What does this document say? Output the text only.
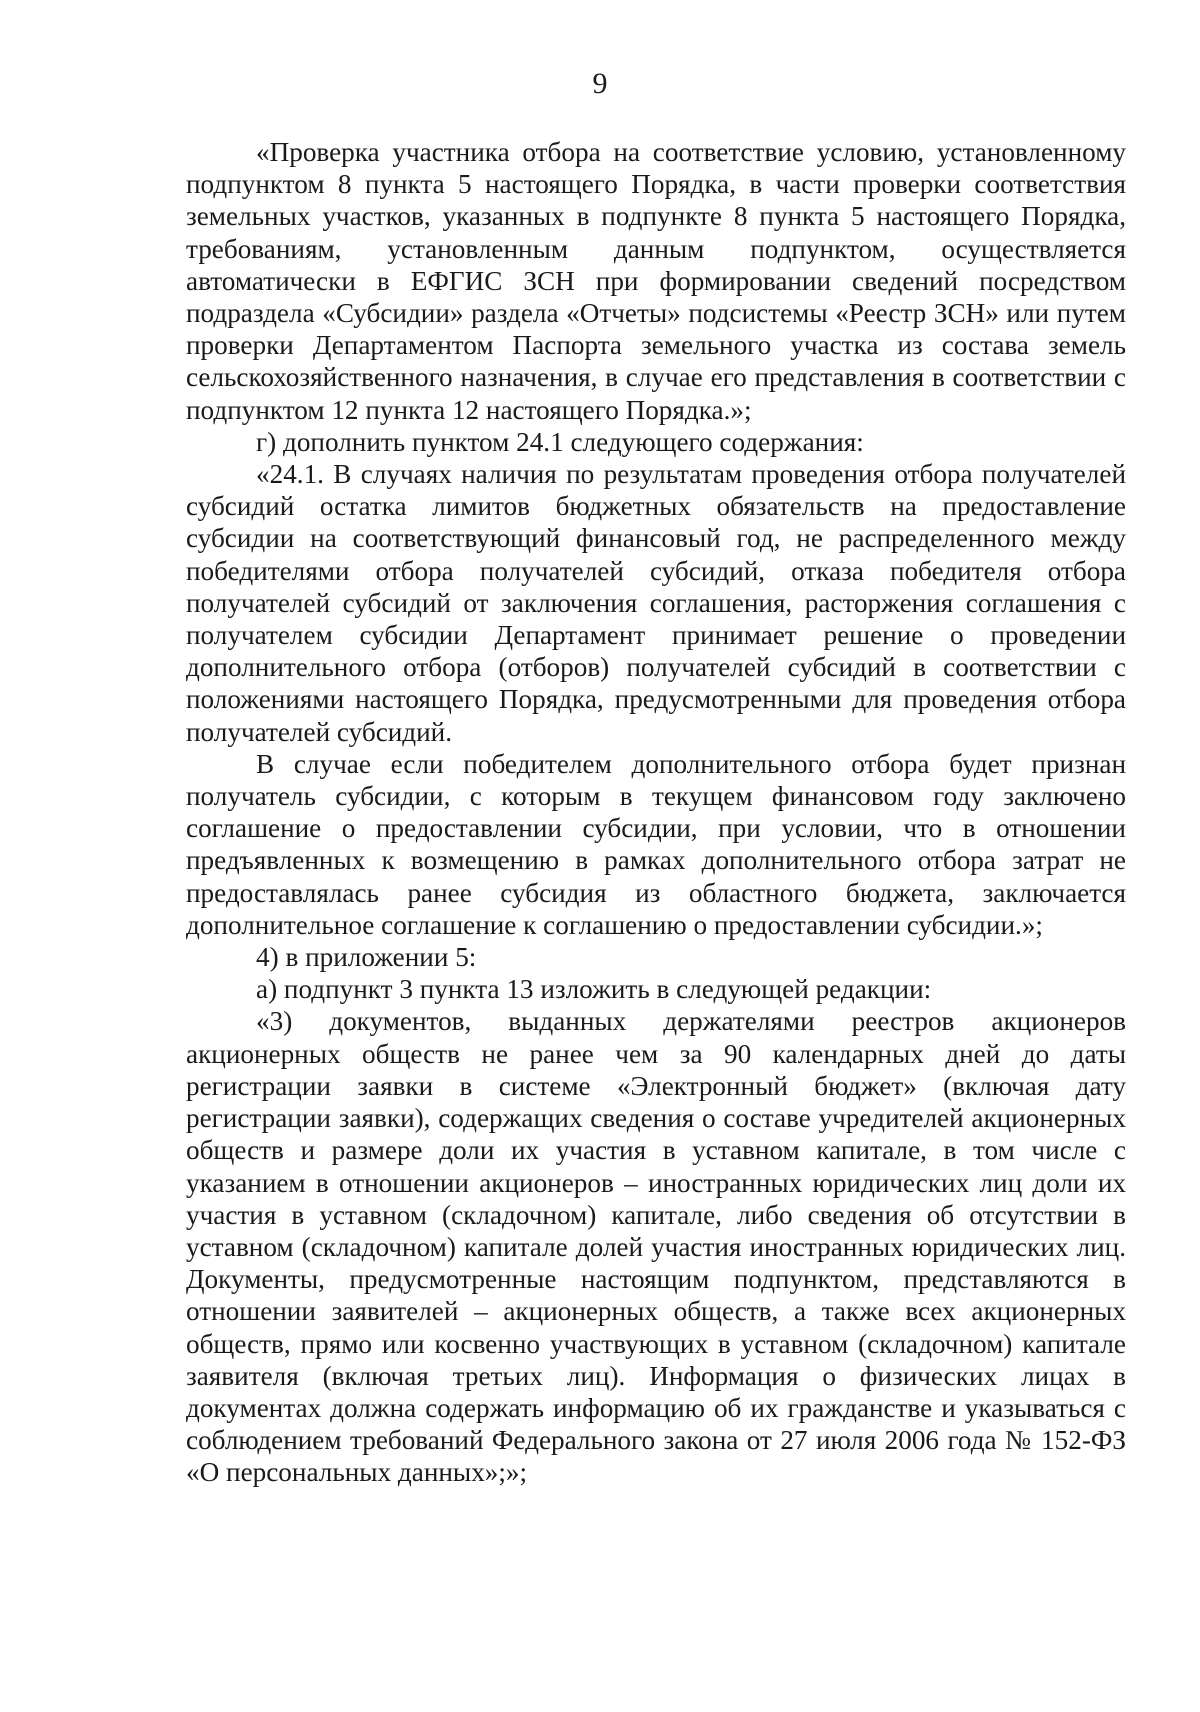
9

«Проверка участника отбора на соответствие условию, установленному подпунктом 8 пункта 5 настоящего Порядка, в части проверки соответствия земельных участков, указанных в подпункте 8 пункта 5 настоящего Порядка, требованиям, установленным данным подпунктом, осуществляется автоматически в ЕФГИС ЗСН при формировании сведений посредством подраздела «Субсидии» раздела «Отчеты» подсистемы «Реестр ЗСН» или путем проверки Департаментом Паспорта земельного участка из состава земель сельскохозяйственного назначения, в случае его представления в соответствии с подпунктом 12 пункта 12 настоящего Порядка.»;

г) дополнить пунктом 24.1 следующего содержания:

«24.1. В случаях наличия по результатам проведения отбора получателей субсидий остатка лимитов бюджетных обязательств на предоставление субсидии на соответствующий финансовый год, не распределенного между победителями отбора получателей субсидий, отказа победителя отбора получателей субсидий от заключения соглашения, расторжения соглашения с получателем субсидии Департамент принимает решение о проведении дополнительного отбора (отборов) получателей субсидий в соответствии с положениями настоящего Порядка, предусмотренными для проведения отбора получателей субсидий.

В случае если победителем дополнительного отбора будет признан получатель субсидии, с которым в текущем финансовом году заключено соглашение о предоставлении субсидии, при условии, что в отношении предъявленных к возмещению в рамках дополнительного отбора затрат не предоставлялась ранее субсидия из областного бюджета, заключается дополнительное соглашение к соглашению о предоставлении субсидии.»;

4) в приложении 5:

а) подпункт 3 пункта 13 изложить в следующей редакции:

«3) документов, выданных держателями реестров акционеров акционерных обществ не ранее чем за 90 календарных дней до даты регистрации заявки в системе «Электронный бюджет» (включая дату регистрации заявки), содержащих сведения о составе учредителей акционерных обществ и размере доли их участия в уставном капитале, в том числе с указанием в отношении акционеров – иностранных юридических лиц доли их участия в уставном (складочном) капитале, либо сведения об отсутствии в уставном (складочном) капитале долей участия иностранных юридических лиц. Документы, предусмотренные настоящим подпунктом, представляются в отношении заявителей – акционерных обществ, а также всех акционерных обществ, прямо или косвенно участвующих в уставном (складочном) капитале заявителя (включая третьих лиц). Информация о физических лицах в документах должна содержать информацию об их гражданстве и указываться с соблюдением требований Федерального закона от 27 июля 2006 года № 152-ФЗ «О персональных данных»;»;
